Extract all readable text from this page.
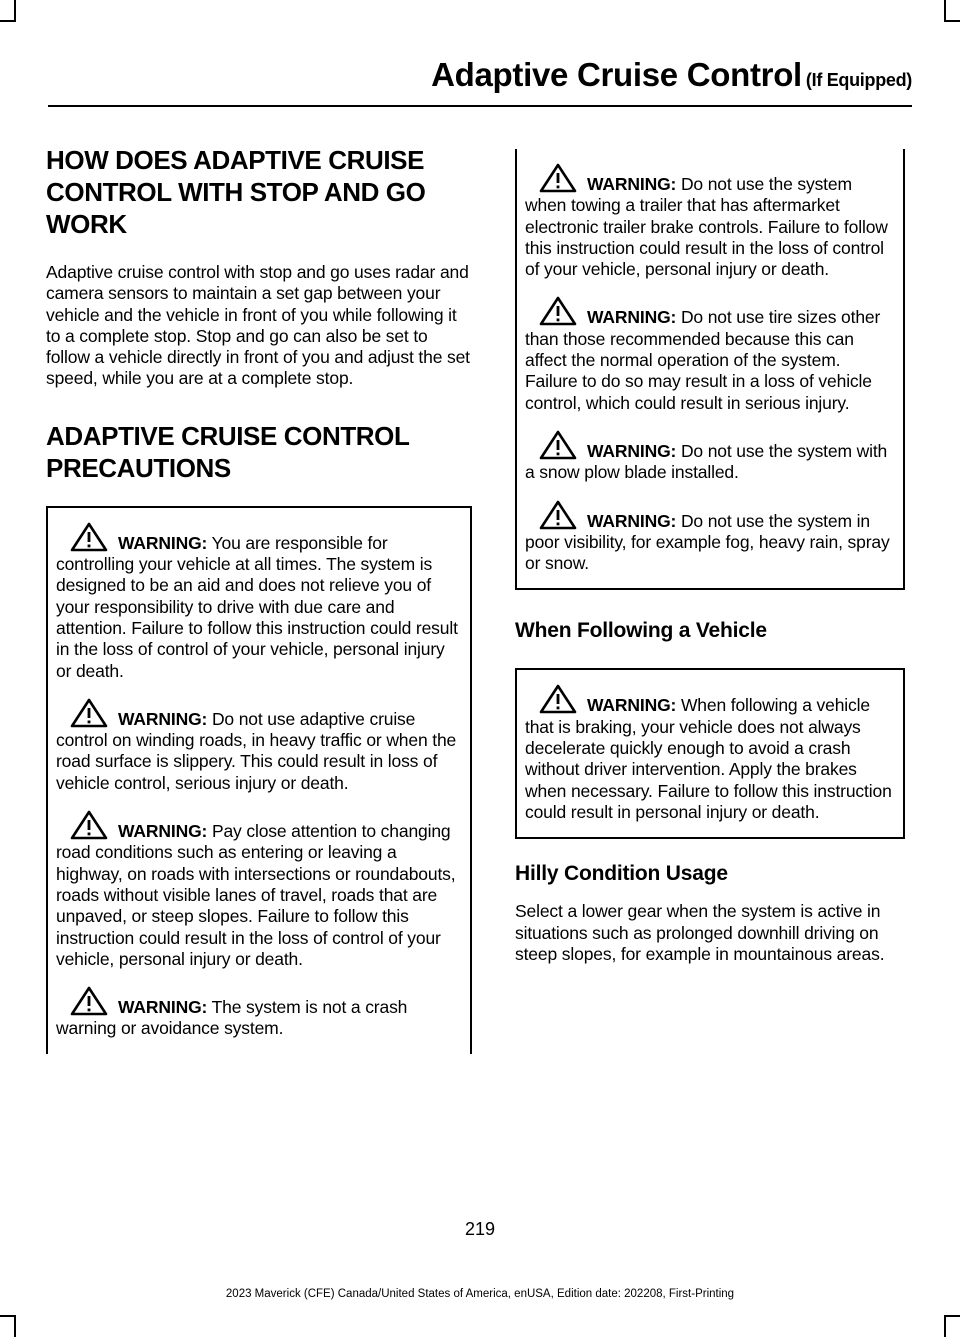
Adaptive Cruise Control (If Equipped)
HOW DOES ADAPTIVE CRUISE CONTROL WITH STOP AND GO WORK

Adaptive cruise control with stop and go uses radar and camera sensors to maintain a set gap between your vehicle and the vehicle in front of you while following it to a complete stop. Stop and go can also be set to follow a vehicle directly in front of you and adjust the set speed, while you are at a complete stop.

ADAPTIVE CRUISE CONTROL PRECAUTIONS
WARNING: You are responsible for controlling your vehicle at all times. The system is designed to be an aid and does not relieve you of your responsibility to drive with due care and attention. Failure to follow this instruction could result in the loss of control of your vehicle, personal injury or death.
WARNING: Do not use adaptive cruise control on winding roads, in heavy traffic or when the road surface is slippery. This could result in loss of vehicle control, serious injury or death.
WARNING: Pay close attention to changing road conditions such as entering or leaving a highway, on roads with intersections or roundabouts, roads without visible lanes of travel, roads that are unpaved, or steep slopes. Failure to follow this instruction could result in the loss of control of your vehicle, personal injury or death.
WARNING: The system is not a crash warning or avoidance system.
WARNING: Do not use the system when towing a trailer that has aftermarket electronic trailer brake controls. Failure to follow this instruction could result in the loss of control of your vehicle, personal injury or death.
WARNING: Do not use tire sizes other than those recommended because this can affect the normal operation of the system. Failure to do so may result in a loss of vehicle control, which could result in serious injury.
WARNING: Do not use the system with a snow plow blade installed.
WARNING: Do not use the system in poor visibility, for example fog, heavy rain, spray or snow.
When Following a Vehicle
WARNING: When following a vehicle that is braking, your vehicle does not always decelerate quickly enough to avoid a crash without driver intervention. Apply the brakes when necessary. Failure to follow this instruction could result in personal injury or death.
Hilly Condition Usage

Select a lower gear when the system is active in situations such as prolonged downhill driving on steep slopes, for example in mountainous areas.

219
2023 Maverick (CFE) Canada/United States of America, enUSA, Edition date: 202208, First-Printing
